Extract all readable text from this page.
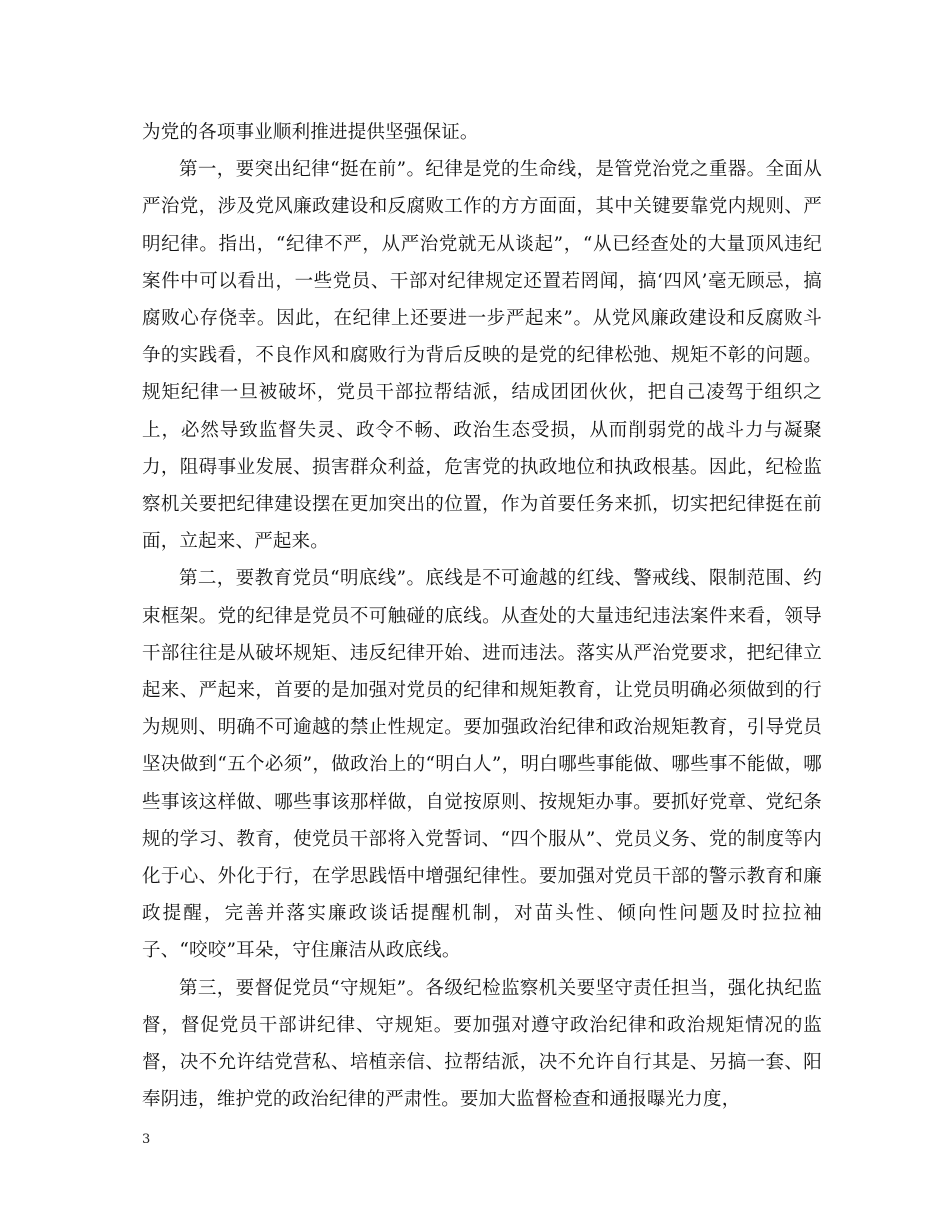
为党的各项事业顺利推进提供坚强保证。

第一，要突出纪律“挺在前”。纪律是党的生命线，是管党治党之重器。全面从严治党，涉及党风廉政建设和反腐败工作的方方面面，其中关键要靠党内规则、严明纪律。指出，“纪律不严，从严治党就无从谈起”，“从已经查处的大量顶风违纪案件中可以看出，一些党员、干部对纪律规定还置若罔闻，搞‘四风’毫无顾忌，搞腐败心存侥幸。因此，在纪律上还要进一步严起来”。从党风廉政建设和反腐败斗争的实践看，不良作风和腐败行为背后反映的是党的纪律松弛、规矩不彰的问题。规矩纪律一旦被破坏，党员干部拉帮结派，结成团团伙伙，把自己凌驾于组织之上，必然导致监督失灵、政令不畅、政治生态受损，从而削弱党的战斗力与凝聚力，阻碍事业发展、损害群众利益，危害党的执政地位和执政根基。因此，纪检监察机关要把纪律建设摆在更加突出的位置，作为首要任务来抓，切实把纪律挺在前面，立起来、严起来。

第二，要教育党员“明底线”。底线是不可逾越的红线、警戒线、限制范围、约束框架。党的纪律是党员不可触碰的底线。从查处的大量违纪违法案件来看，领导干部往往是从破坏规矩、违反纪律开始、进而违法。落实从严治党要求，把纪律立起来、严起来，首要的是加强对党员的纪律和规矩教育，让党员明确必须做到的行为规则、明确不可逾越的禁止性规定。要加强政治纪律和政治规矩教育，引导党员坚决做到“五个必须”，做政治上的“明白人”，明白哪些事能做、哪些事不能做，哪些事该这样做、哪些事该那样做，自觉按原则、按规矩办事。要抓好党章、党纪条规的学习、教育，使党员干部将入党誓词、“四个服从”、党员义务、党的制度等内化于心、外化于行，在学思践悟中增强纪律性。要加强对党员干部的警示教育和廉政提醒，完善并落实廉政谈话提醒机制，对苗头性、倾向性问题及时拉拉袖子、“咬咬”耳朵，守住廉洁从政底线。

第三，要督促党员“守规矩”。各级纪检监察机关要坚守责任担当，强化执纪监督，督促党员干部讲纪律、守规矩。要加强对遵守政治纪律和政治规矩情况的监督，决不允许结党营私、培植亲信、拉帮结派，决不允许自行其是、另搞一套、阳奉阴违，维护党的政治纪律的严肃性。要加大监督检查和通报曝光力度，

3
